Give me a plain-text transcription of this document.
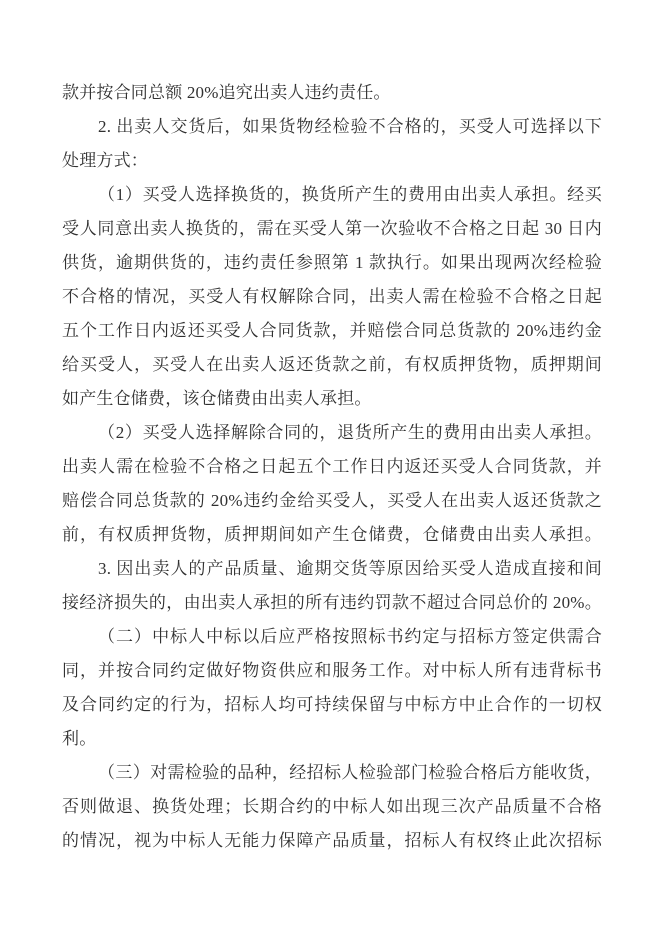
款并按合同总额 20%追究出卖人违约责任。
2. 出卖人交货后，如果货物经检验不合格的，买受人可选择以下
处理方式：
（1）买受人选择换货的，换货所产生的费用由出卖人承担。经买
受人同意出卖人换货的，需在买受人第一次验收不合格之日起 30 日内
供货，逾期供货的，违约责任参照第 1 款执行。如果出现两次经检验
不合格的情况，买受人有权解除合同，出卖人需在检验不合格之日起
五个工作日内返还买受人合同货款，并赔偿合同总货款的 20%违约金
给买受人，买受人在出卖人返还货款之前，有权质押货物，质押期间
如产生仓储费，该仓储费由出卖人承担。
（2）买受人选择解除合同的，退货所产生的费用由出卖人承担。
出卖人需在检验不合格之日起五个工作日内返还买受人合同货款，并
赔偿合同总货款的 20%违约金给买受人，买受人在出卖人返还货款之
前，有权质押货物，质押期间如产生仓储费，仓储费由出卖人承担。
3. 因出卖人的产品质量、逾期交货等原因给买受人造成直接和间
接经济损失的，由出卖人承担的所有违约罚款不超过合同总价的 20%。
（二）中标人中标以后应严格按照标书约定与招标方签定供需合
同，并按合同约定做好物资供应和服务工作。对中标人所有违背标书
及合同约定的行为，招标人均可持续保留与中标方中止合作的一切权
利。
（三）对需检验的品种，经招标人检验部门检验合格后方能收货，
否则做退、换货处理；长期合约的中标人如出现三次产品质量不合格
的情况，视为中标人无能力保障产品质量，招标人有权终止此次招标
